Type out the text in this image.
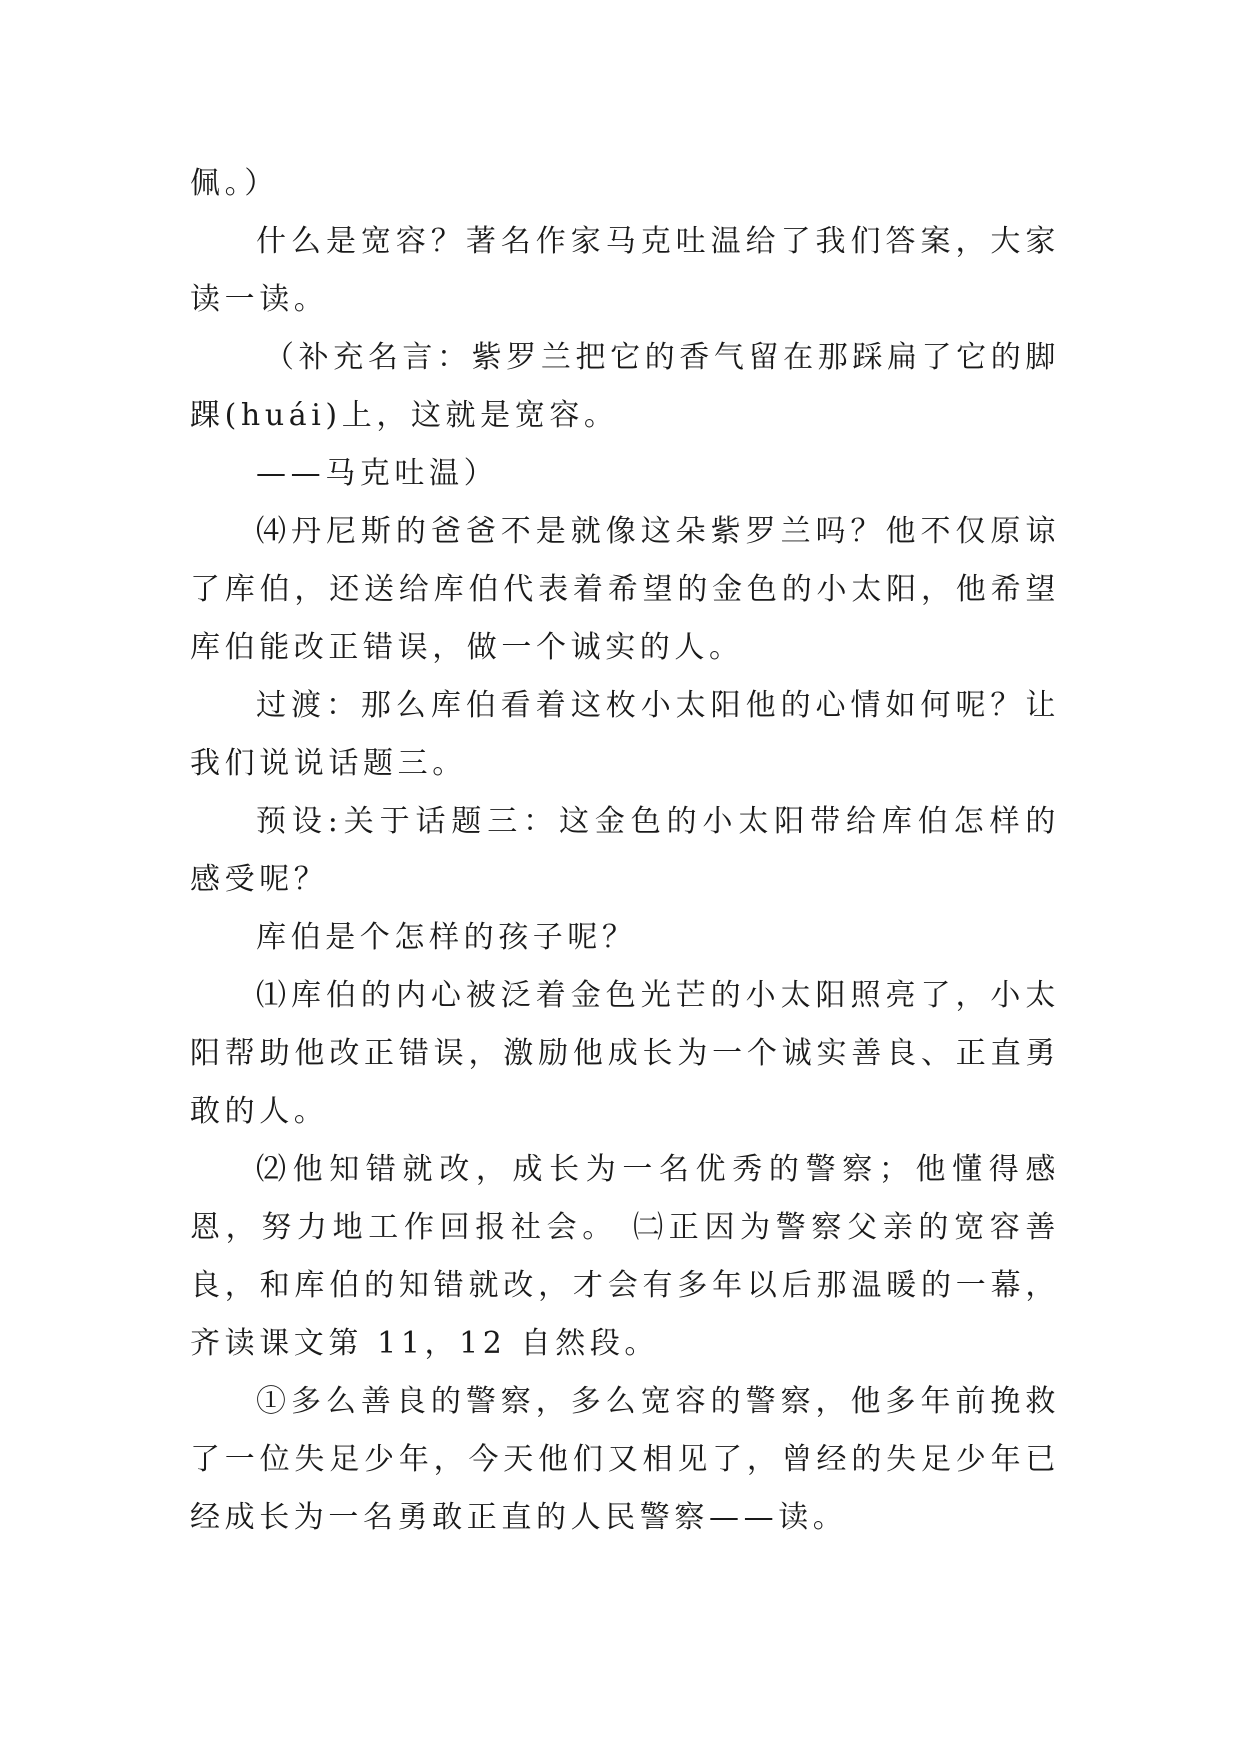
佩。）

什么是宽容？著名作家马克吐温给了我们答案，大家读一读。

（补充名言：紫罗兰把它的香气留在那踩扁了它的脚踝(huái)上，这就是宽容。

——马克吐温）

⑷丹尼斯的爸爸不是就像这朵紫罗兰吗？他不仅原谅了库伯，还送给库伯代表着希望的金色的小太阳，他希望库伯能改正错误，做一个诚实的人。

过渡：那么库伯看着这枚小太阳他的心情如何呢？让我们说说话题三。

预设:关于话题三：这金色的小太阳带给库伯怎样的感受呢？

库伯是个怎样的孩子呢？

⑴库伯的内心被泛着金色光芒的小太阳照亮了，小太阳帮助他改正错误，激励他成长为一个诚实善良、正直勇敢的人。

⑵他知错就改，成长为一名优秀的警察；他懂得感恩，努力地工作回报社会。 ㈡正因为警察父亲的宽容善良，和库伯的知错就改，才会有多年以后那温暖的一幕，齐读课文第 11，12 自然段。

①多么善良的警察，多么宽容的警察，他多年前挽救了一位失足少年，今天他们又相见了，曾经的失足少年已经成长为一名勇敢正直的人民警察——读。
